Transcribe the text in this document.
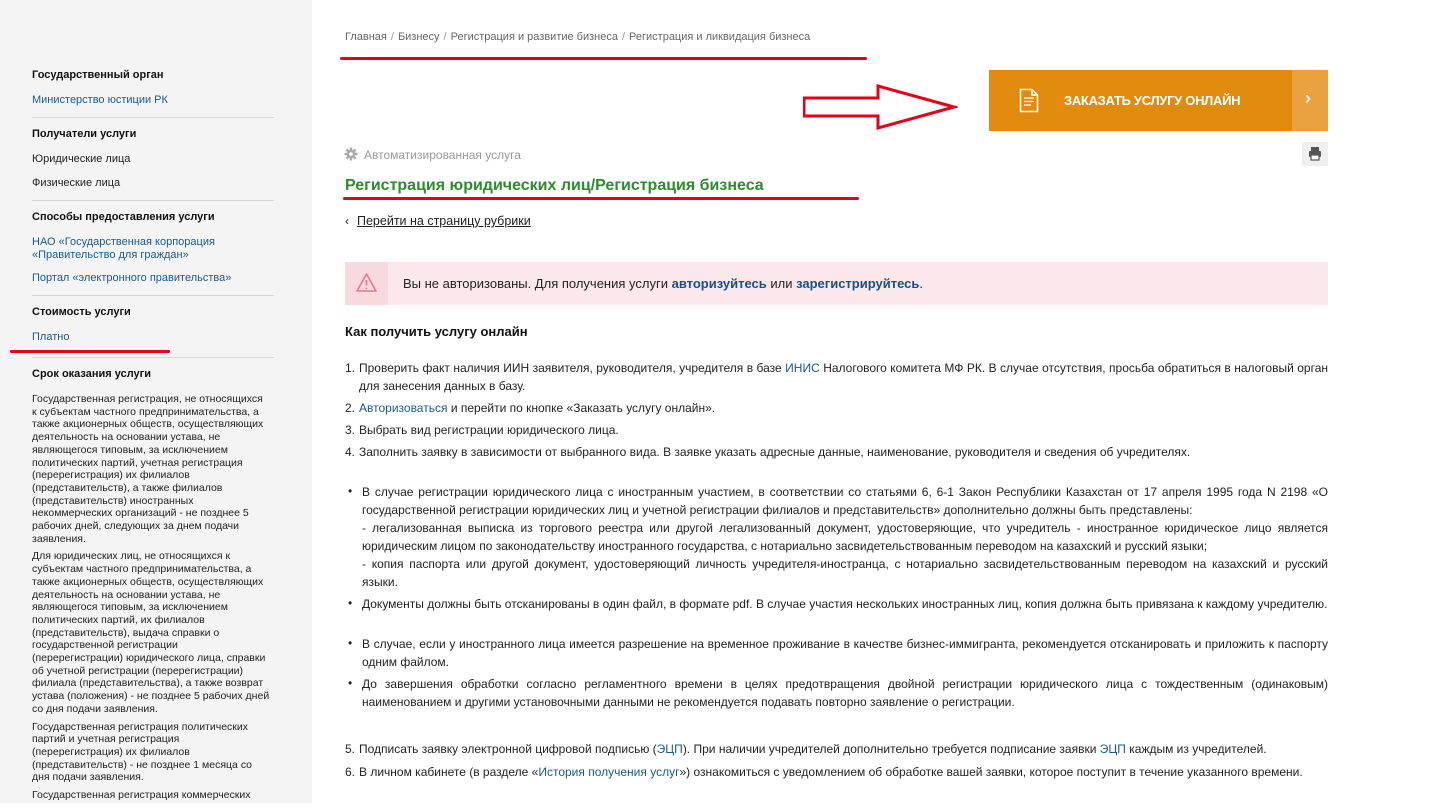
Государственный орган
Министерство юстиции РК
Получатели услуги
Юридические лица
Физические лица
Способы предоставления услуги
НАО «Государственная корпорация «Правительство для граждан»
Портал «электронного правительства»
Стоимость услуги
Платно
Срок оказания услуги

Государственная регистрация, не относящихся к субъектам частного предпринимательства, а также акционерных обществ, осуществляющих деятельность на основании устава, не являющегося типовым, за исключением политических партий, учетная регистрация (перерегистрация) их филиалов (представительств), а также филиалов (представительств) иностранных некоммерческих организаций - не позднее 5 рабочих дней, следующих за днем подачи заявления.

Для юридических лиц, не относящихся к субъектам частного предпринимательства, а также акционерных обществ, осуществляющих деятельность на основании устава, не являющегося типовым, за исключением политических партий, их филиалов (представительств), выдача справки о государственной регистрации (перерегистрации) юридического лица, справки об учетной регистрации (перерегистрации) филиала (представительства), а также возврат устава (положения) - не позднее 5 рабочих дней со дня подачи заявления.

Государственная регистрация политических партий и учетная регистрация (перерегистрация) их филиалов (представительств) - не позднее 1 месяца со дня подачи заявления.

Государственная регистрация коммерческих

Главная / Бизнесу / Регистрация и развитие бизнеса / Регистрация и ликвидация бизнеса
ЗАКАЗАТЬ УСЛУГУ ОНЛАЙН	›
Автоматизированная услуга
Регистрация юридических лиц/Регистрация бизнеса
‹ Перейти на страницу рубрики
Вы не авторизованы. Для получения услуги авторизуйтесь или зарегистрируйтесь.
Как получить услугу онлайн
1. Проверить факт наличия ИИН заявителя, руководителя, учредителя в базе ИНИС Налогового комитета МФ РК. В случае отсутствия, просьба обратиться в налоговый орган для занесения данных в базу.
2. Авторизоваться и перейти по кнопке «Заказать услугу онлайн».
3. Выбрать вид регистрации юридического лица.
4. Заполнить заявку в зависимости от выбранного вида. В заявке указать адресные данные, наименование, руководителя и сведения об учредителях.
• В случае регистрации юридического лица с иностранным участием, в соответствии со статьями 6, 6-1 Закон Республики Казахстан от 17 апреля 1995 года N 2198 «О государственной регистрации юридических лиц и учетной регистрации филиалов и представительств» дополнительно должны быть представлены:
- легализованная выписка из торгового реестра или другой легализованный документ, удостоверяющие, что учредитель - иностранное юридическое лицо является юридическим лицом по законодательству иностранного государства, с нотариально засвидетельствованным переводом на казахский и русский языки;
- копия паспорта или другой документ, удостоверяющий личность учредителя-иностранца, с нотариально засвидетельствованным переводом на казахский и русский языки.
• Документы должны быть отсканированы в один файл, в формате pdf. В случае участия нескольких иностранных лиц, копия должна быть привязана к каждому учредителю.
• В случае, если у иностранного лица имеется разрешение на временное проживание в качестве бизнес-иммигранта, рекомендуется отсканировать и приложить к паспорту одним файлом.
• До завершения обработки согласно регламентного времени в целях предотвращения двойной регистрации юридического лица с тождественным (одинаковым) наименованием и другими установочными данными не рекомендуется подавать повторно заявление о регистрации.
5. Подписать заявку электронной цифровой подписью (ЭЦП). При наличии учредителей дополнительно требуется подписание заявки ЭЦП каждым из учредителей.
6. В личном кабинете (в разделе «История получения услуг») ознакомиться с уведомлением об обработке вашей заявки, которое поступит в течение указанного времени.
